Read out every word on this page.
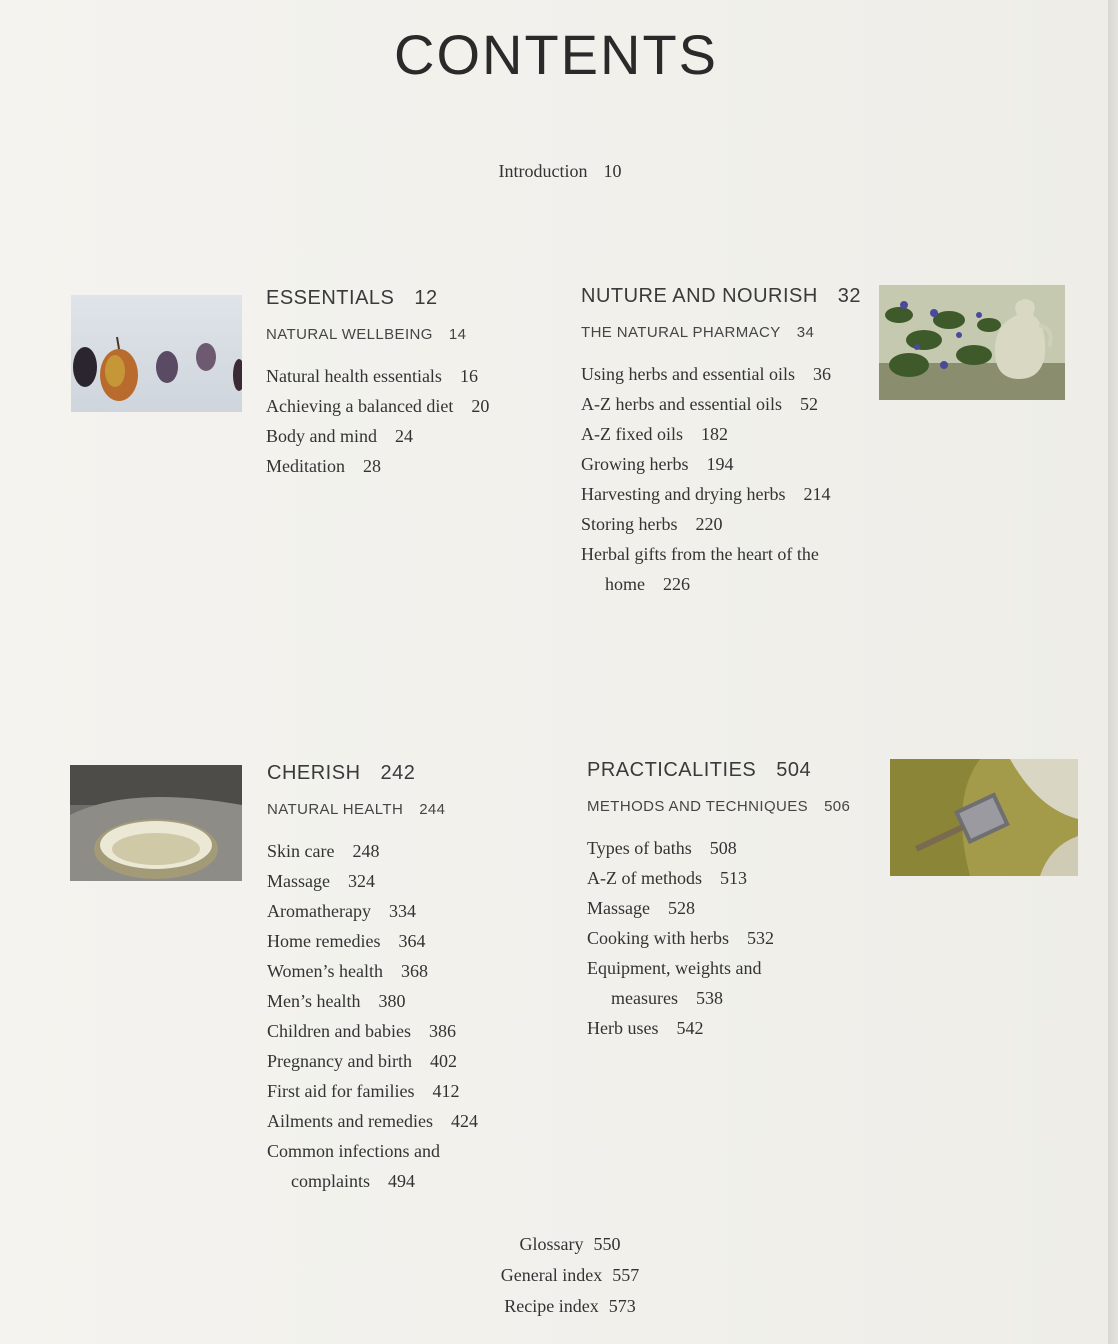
CONTENTS
Introduction 10
ESSENTIALS 12
NATURAL WELLBEING 14
Natural health essentials 16
Achieving a balanced diet 20
Body and mind 24
Meditation 28
NUTURE AND NOURISH 32
THE NATURAL PHARMACY 34
Using herbs and essential oils 36
A-Z herbs and essential oils 52
A-Z fixed oils 182
Growing herbs 194
Harvesting and drying herbs 214
Storing herbs 220
Herbal gifts from the heart of the
home 226
CHERISH 242
NATURAL HEALTH 244
Skin care 248
Massage 324
Aromatherapy 334
Home remedies 364
Women’s health 368
Men’s health 380
Children and babies 386
Pregnancy and birth 402
First aid for families 412
Ailments and remedies 424
Common infections and
complaints 494
PRACTICALITIES 504
METHODS AND TECHNIQUES 506
Types of baths 508
A-Z of methods 513
Massage 528
Cooking with herbs 532
Equipment, weights and
measures 538
Herb uses 542
Glossary 550
General index 557
Recipe index 573
